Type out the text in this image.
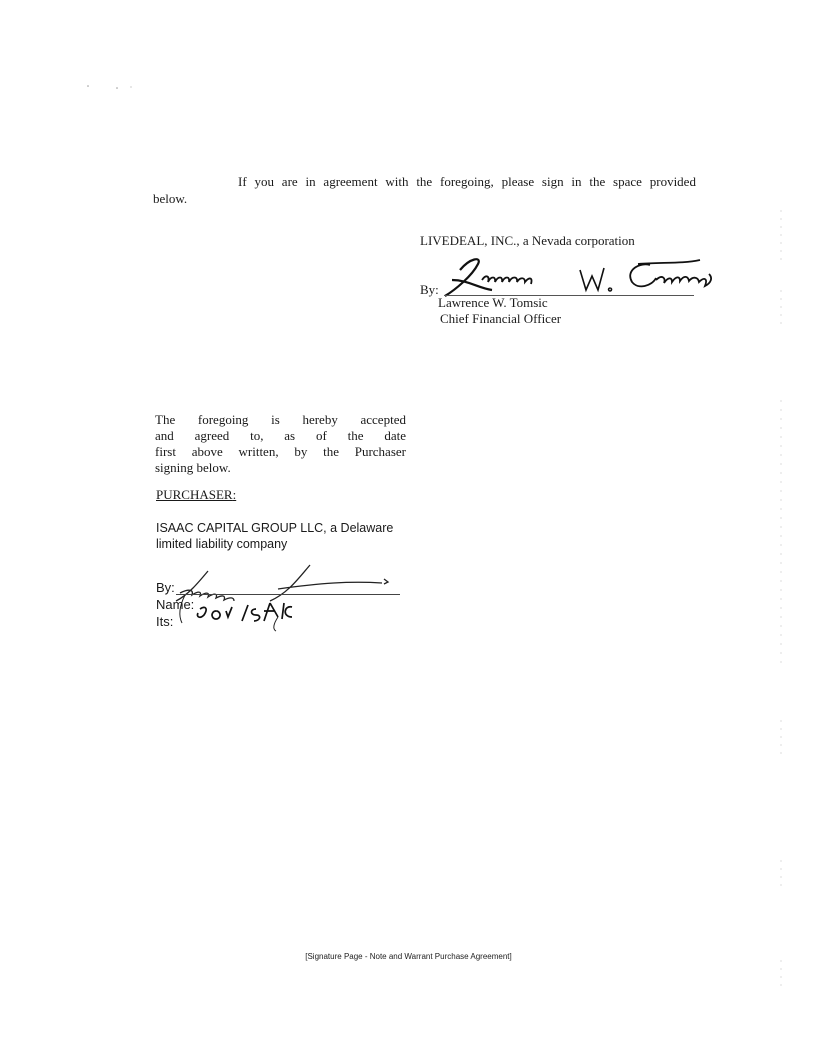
If you are in agreement with the foregoing, please sign in the space provided
below.
LIVEDEAL, INC., a Nevada corporation
By:
Lawrence W. Tomsic
Chief Financial Officer
The foregoing is hereby accepted
and agreed to, as of the date
first above written, by the Purchaser
signing below.
PURCHASER:
ISAAC CAPITAL GROUP LLC, a Delaware
limited liability company
By:
Name:
Its:
[Signature Page - Note and Warrant Purchase Agreement]
